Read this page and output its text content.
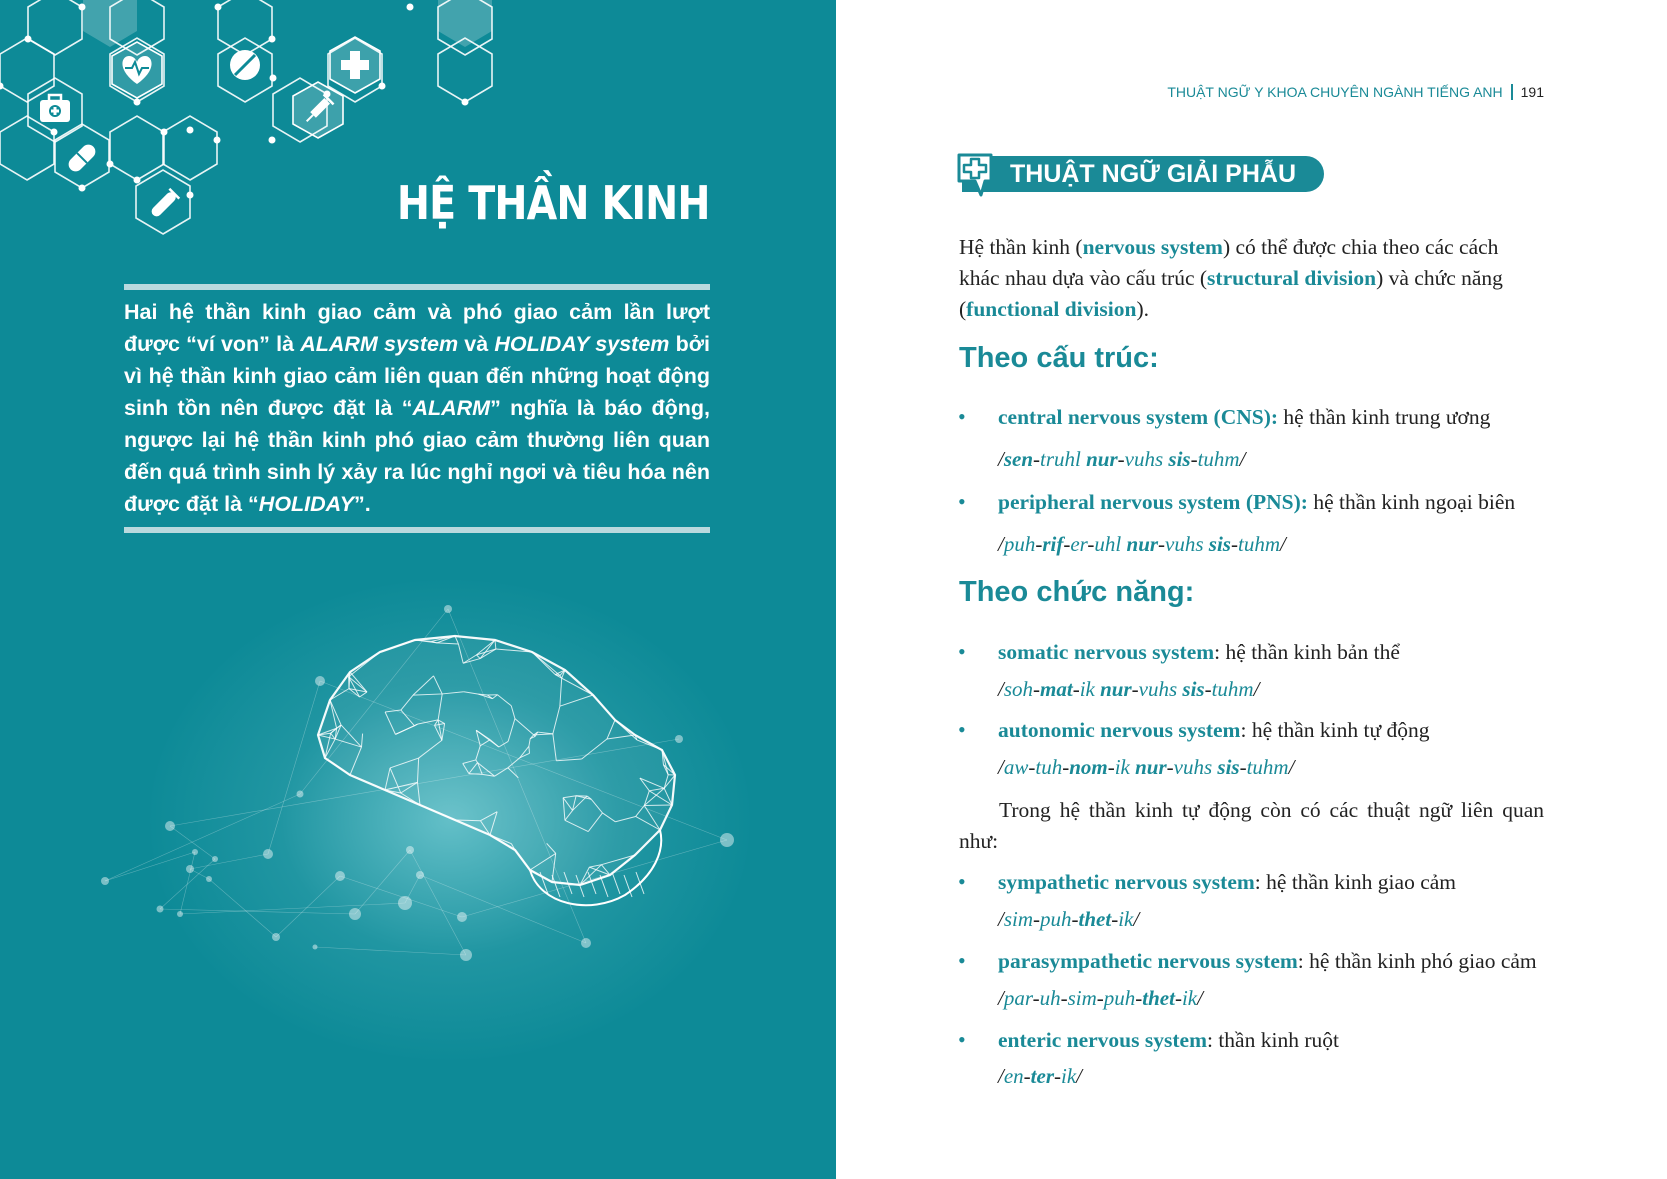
HỆ THẦN KINH

Hai hệ thần kinh giao cảm và phó giao cảm lần lượt được “ví von” là ALARM system và HOLIDAY system bởi vì hệ thần kinh giao cảm liên quan đến những hoạt động sinh tồn nên được đặt là “ALARM” nghĩa là báo động, ngược lại hệ thần kinh phó giao cảm thường liên quan đến quá trình sinh lý xảy ra lúc nghỉ ngơi và tiêu hóa nên được đặt là “HOLIDAY”.

THUẬT NGỮ Y KHOA CHUYÊN NGÀNH TIẾNG ANH 191
THUẬT NGỮ GIẢI PHẪU

Hệ thần kinh (nervous system) có thể được chia theo các cách khác nhau dựa vào cấu trúc (structural division) và chức năng (functional division).

Theo cấu trúc:
• central nervous system (CNS): hệ thần kinh trung ương
/sen-truhl nur-vuhs sis-tuhm/
• peripheral nervous system (PNS): hệ thần kinh ngoại biên
/puh-rif-er-uhl nur-vuhs sis-tuhm/
• somatic nervous system: hệ thần kinh bản thể
/soh-mat-ik nur-vuhs sis-tuhm/
• autonomic nervous system: hệ thần kinh tự động
/aw-tuh-nom-ik nur-vuhs sis-tuhm/
• sympathetic nervous system: hệ thần kinh giao cảm
/sim-puh-thet-ik/
• parasympathetic nervous system: hệ thần kinh phó giao cảm
/par-uh-sim-puh-thet-ik/
• enteric nervous system: thần kinh ruột
/en-ter-ik/
Theo chức năng:

Trong hệ thần kinh tự động còn có các thuật ngữ liên quan như:
